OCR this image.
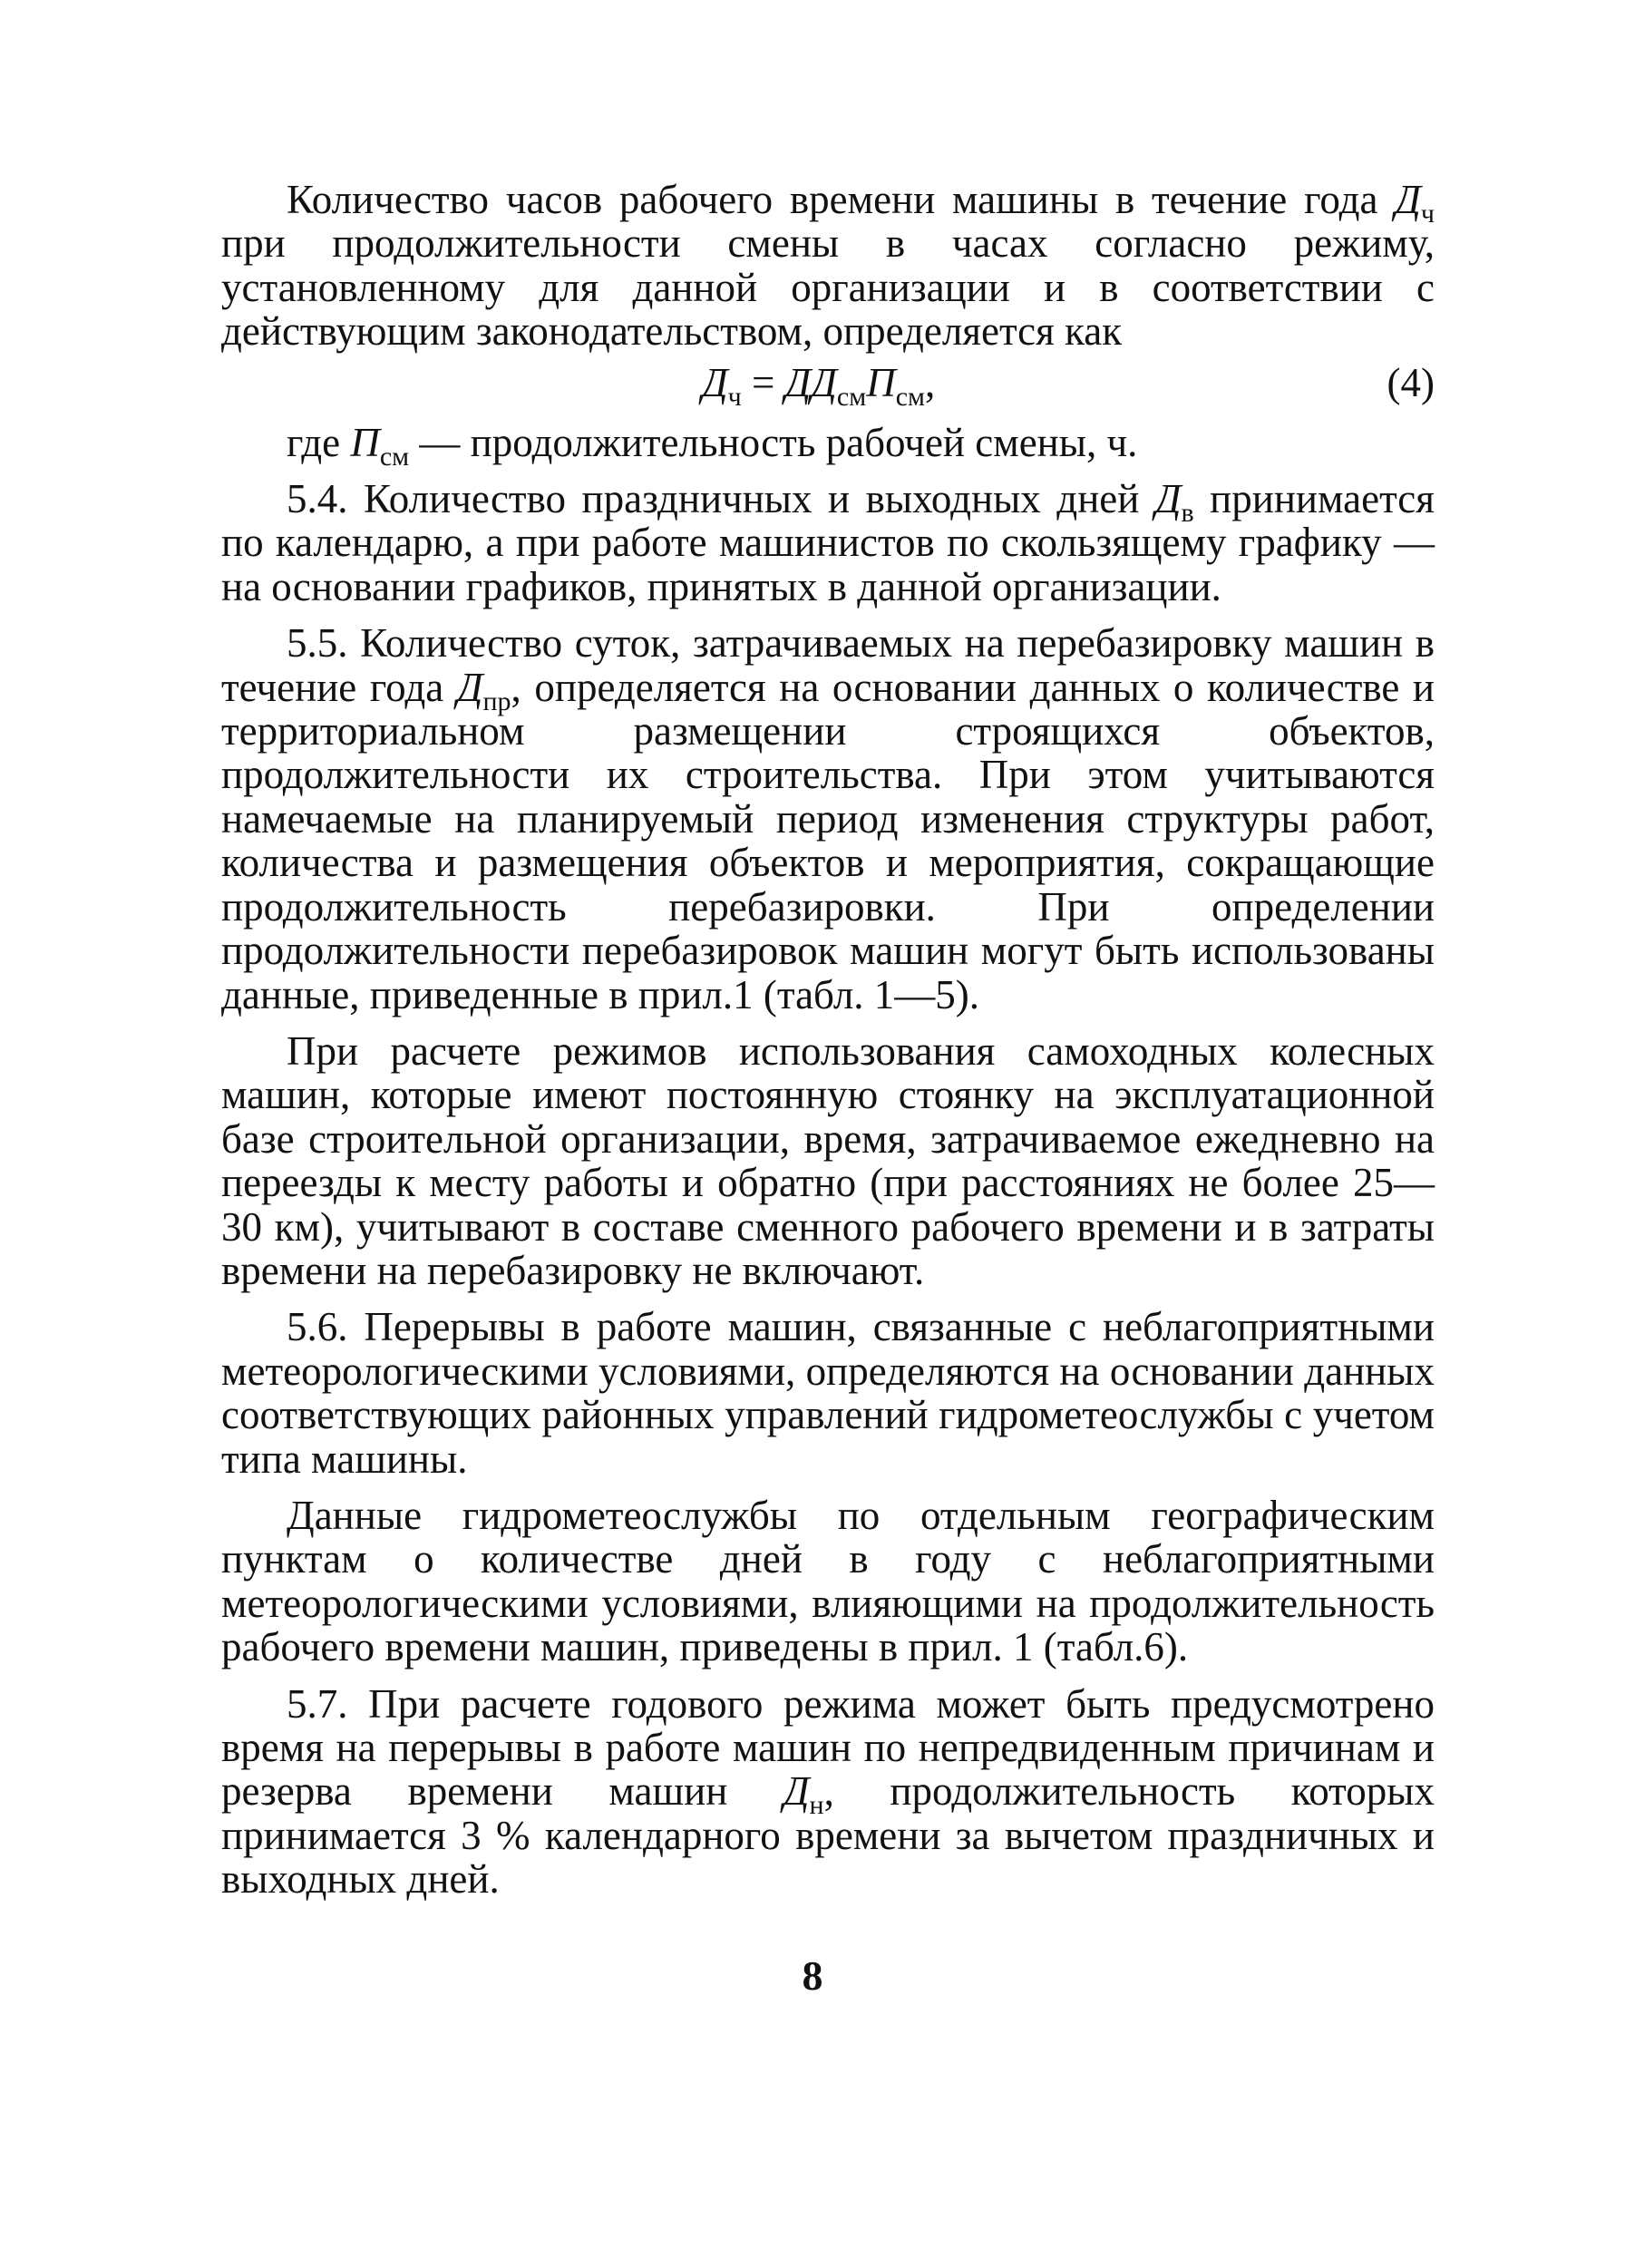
Количество часов рабочего времени машины в течение года $Д_ч$ при продолжительности смены в часах согласно режиму, установленному для данной организации и в соответствии с действующим законодательством, определяется как

$Д_ч = ДД_{см}П_{см}$,	(4)

где $П_{см}$ — продолжительность рабочей смены, ч.

5.4. Количество праздничных и выходных дней $Д_в$ принимается по календарю, а при работе машинистов по скользящему графику — на основании графиков, принятых в данной организации.

5.5. Количество суток, затрачиваемых на перебазировку машин в течение года $Д_{пр}$, определяется на основании данных о количестве и территориальном размещении строящихся объектов, продолжительности их строительства. При этом учитываются намечаемые на планируемый период изменения структуры работ, количества и размещения объектов и мероприятия, сокращающие продолжительность перебазировки. При определении продолжительности перебазировок машин могут быть использованы данные, приведенные в прил.1 (табл. 1—5).

При расчете режимов использования самоходных колесных машин, которые имеют постоянную стоянку на эксплуатационной базе строительной организации, время, затрачиваемое ежедневно на переезды к месту работы и обратно (при расстояниях не более 25—30 км), учитывают в составе сменного рабочего времени и в затраты времени на перебазировку не включают.

5.6. Перерывы в работе машин, связанные с неблагоприятными метеорологическими условиями, определяются на основании данных соответствующих районных управлений гидрометеослужбы с учетом типа машины.

Данные гидрометеослужбы по отдельным географическим пунктам о количестве дней в году с неблагоприятными метеорологическими условиями, влияющими на продолжительность рабочего времени машин, приведены в прил. 1 (табл.6).

5.7. При расчете годового режима может быть предусмотрено время на перерывы в работе машин по непредвиденным причинам и резерва времени машин $Д_н$, продолжительность которых принимается 3 % календарного времени за вычетом праздничных и выходных дней.

8
